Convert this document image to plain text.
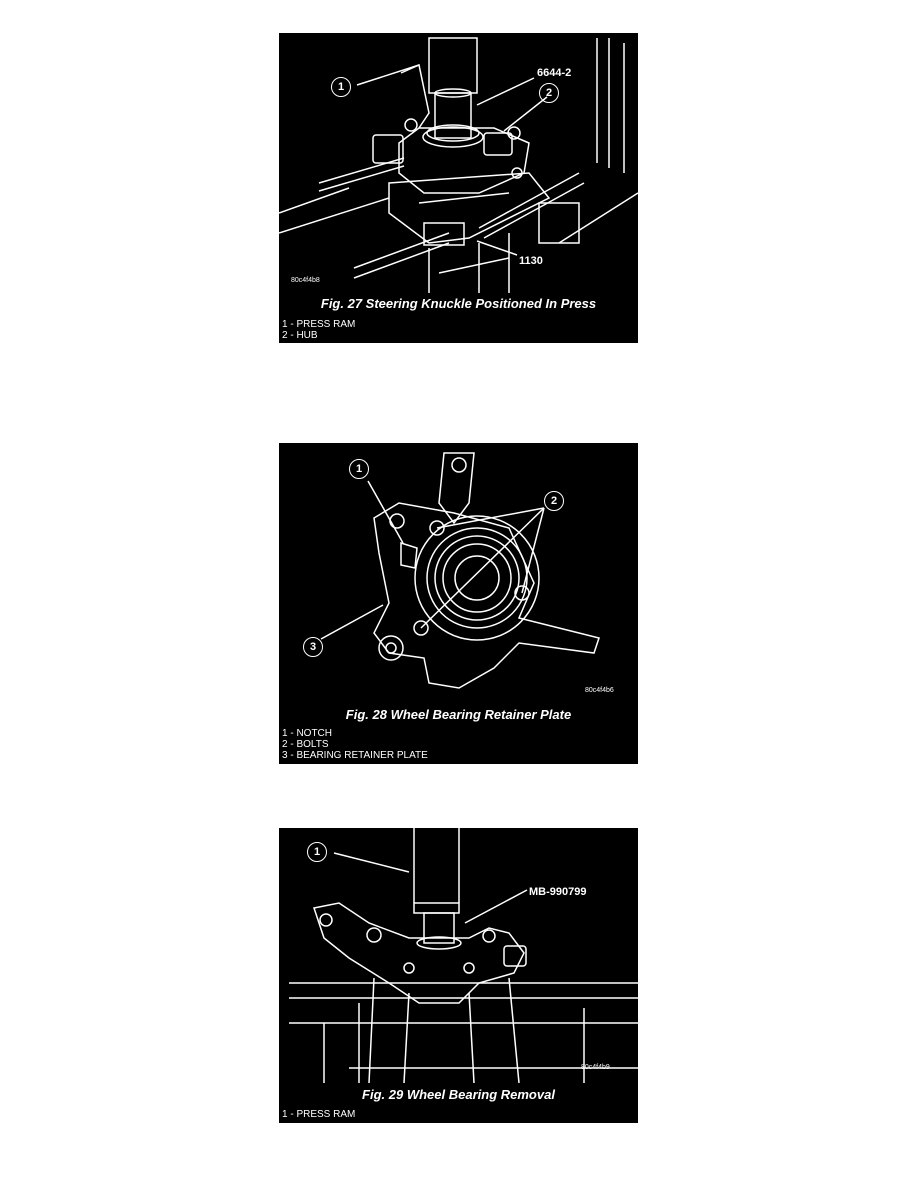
1	2
6644-2
1130
80c4f4b8
Fig. 27 Steering Knuckle Positioned In Press
1 - PRESS RAM
2 - HUB
1
2
3
80c4f4b6
Fig. 28 Wheel Bearing Retainer Plate
1 - NOTCH
2 - BOLTS
3 - BEARING RETAINER PLATE
1
MB-990799
80c4f4b9
Fig. 29 Wheel Bearing Removal
1 - PRESS RAM
